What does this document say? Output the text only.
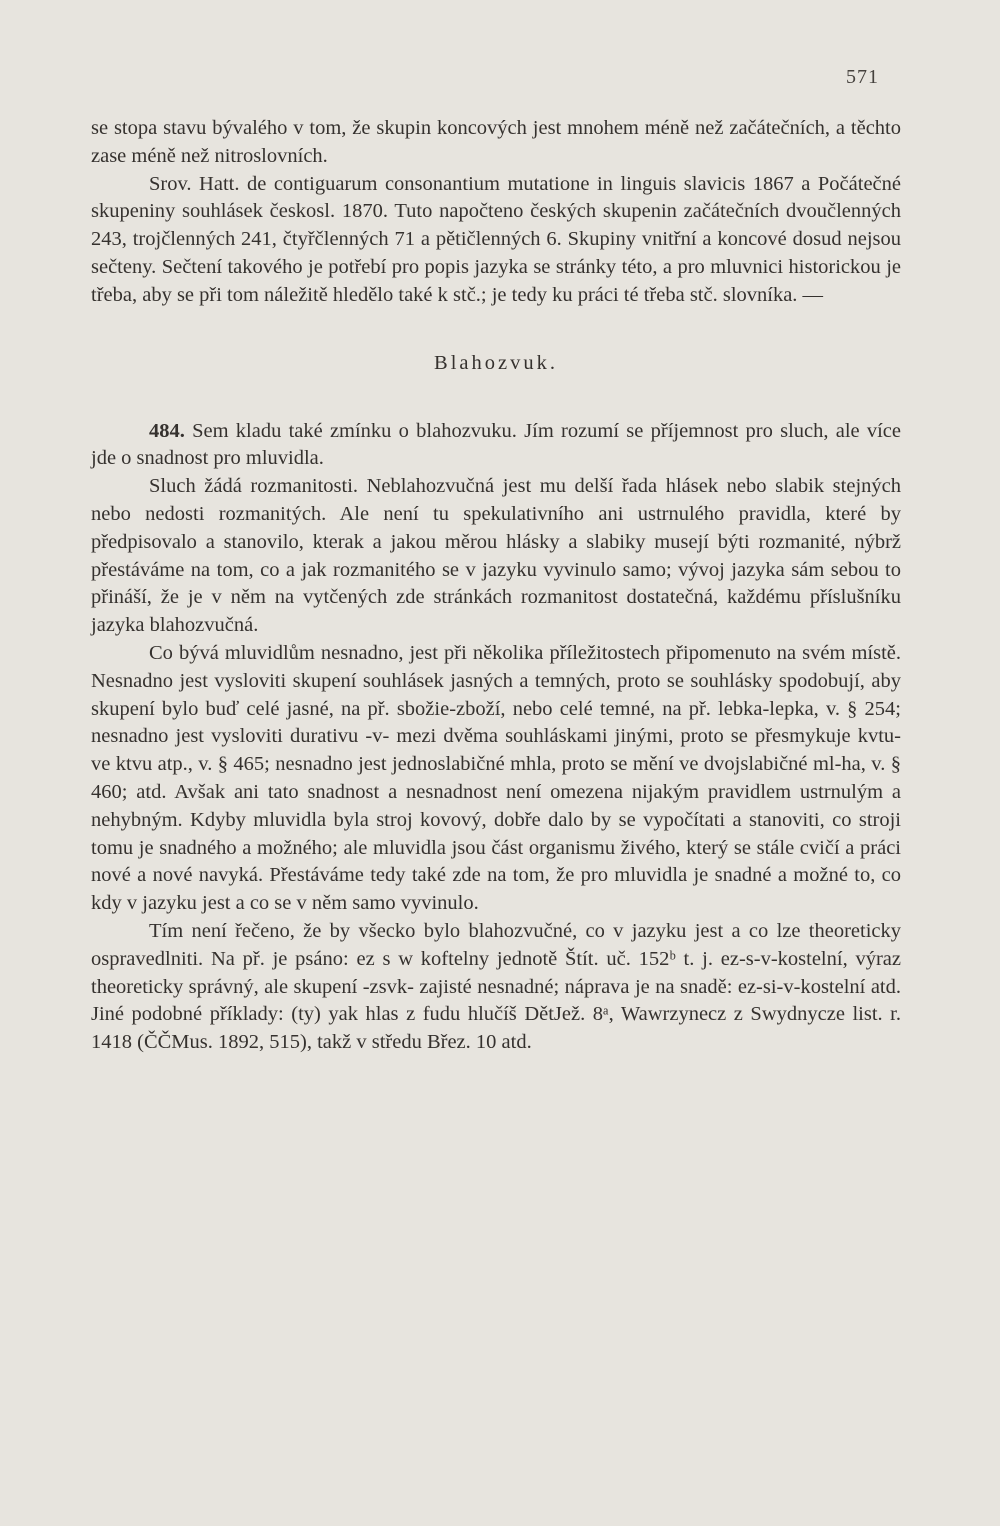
571

se stopa stavu bývalého v tom, že skupin koncových jest mnohem méně než začátečních, a těchto zase méně než nitroslovních.

Srov. Hatt. de contiguarum consonantium mutatione in linguis slavicis 1867 a Počátečné skupeniny souhlásek českosl. 1870. Tuto napočteno českých skupenin začátečních dvoučlenných 243, trojčlenných 241, čtyřčlenných 71 a pětičlenných 6. Skupiny vnitřní a koncové dosud nejsou sečteny. Sečtení takového je potřebí pro popis jazyka se stránky této, a pro mluvnici historickou je třeba, aby se při tom náležitě hledělo také k stč.; je tedy ku práci té třeba stč. slovníka. —

Blahozvuk.

484. Sem kladu také zmínku o blahozvuku. Jím rozumí se příjemnost pro sluch, ale více jde o snadnost pro mluvidla.

Sluch žádá rozmanitosti. Neblahozvučná jest mu delší řada hlásek nebo slabik stejných nebo nedosti rozmanitých. Ale není tu spekulativního ani ustrnulého pravidla, které by předpisovalo a stanovilo, kterak a jakou měrou hlásky a slabiky musejí býti rozmanité, nýbrž přestáváme na tom, co a jak rozmanitého se v jazyku vyvinulo samo; vývoj jazyka sám sebou to přináší, že je v něm na vytčených zde stránkách rozmanitost dostatečná, každému příslušníku jazyka blahozvučná.

Co bývá mluvidlům nesnadno, jest při několika příležitostech připomenuto na svém místě. Nesnadno jest vysloviti skupení souhlásek jasných a temných, proto se souhlásky spodobují, aby skupení bylo buď celé jasné, na př. sbožie-zboží, nebo celé temné, na př. lebka-lepka, v. § 254; nesnadno jest vysloviti durativu -v- mezi dvěma souhláskami jinými, proto se přesmykuje kvtu- ve ktvu atp., v. § 465; nesnadno jest jednoslabičné mhla, proto se mění ve dvojslabičné ml-ha, v. § 460; atd. Avšak ani tato snadnost a nesnadnost není omezena nijakým pravidlem ustrnulým a nehybným. Kdyby mluvidla byla stroj kovový, dobře dalo by se vypočítati a stanoviti, co stroji tomu je snadného a možného; ale mluvidla jsou část organismu živého, který se stále cvičí a práci nové a nové navyká. Přestáváme tedy také zde na tom, že pro mluvidla je snadné a možné to, co kdy v jazyku jest a co se v něm samo vyvinulo.

Tím není řečeno, že by všecko bylo blahozvučné, co v jazyku jest a co lze theoreticky ospravedlniti. Na př. je psáno: ez s w koftelny jednotě Štít. uč. 152ᵇ t. j. ez-s-v-kostelní, výraz theoreticky správný, ale skupení -zsvk- zajisté nesnadné; náprava je na snadě: ez-si-v-kostelní atd. Jiné podobné příklady: (ty) yak hlas z fudu hlučíš DětJež. 8ᵃ, Wawrzynecz z Swydnycze list. r. 1418 (ČČMus. 1892, 515), takž v středu Břez. 10 atd.
